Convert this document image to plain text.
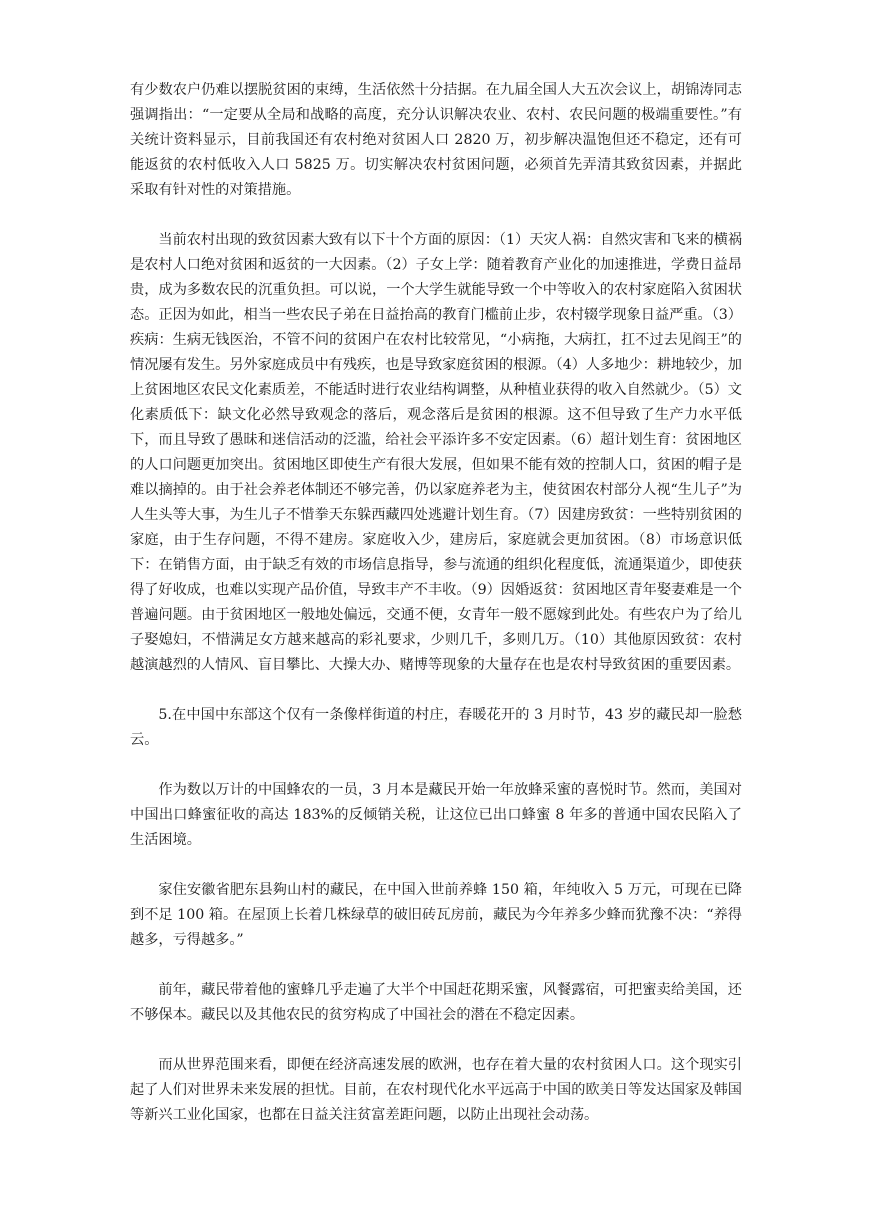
有少数农户仍难以摆脱贫困的束缚，生活依然十分拮据。在九届全国人大五次会议上，胡锦涛同志强调指出：“一定要从全局和战略的高度，充分认识解决农业、农村、农民问题的极端重要性。”有关统计资料显示，目前我国还有农村绝对贫困人口 2820 万，初步解决温饱但还不稳定，还有可能返贫的农村低收入人口 5825 万。切实解决农村贫困问题，必须首先弄清其致贫因素，并据此采取有针对性的对策措施。

当前农村出现的致贫因素大致有以下十个方面的原因：（1）天灾人祸：自然灾害和飞来的横祸是农村人口绝对贫困和返贫的一大因素。（2）子女上学：随着教育产业化的加速推进，学费日益昂贵，成为多数农民的沉重负担。可以说，一个大学生就能导致一个中等收入的农村家庭陷入贫困状态。正因为如此，相当一些农民子弟在日益抬高的教育门槛前止步，农村辍学现象日益严重。（3）疾病：生病无钱医治，不管不问的贫困户在农村比较常见，“小病拖，大病扛，扛不过去见阎王”的情况屡有发生。另外家庭成员中有残疾，也是导致家庭贫困的根源。（4）人多地少：耕地较少，加上贫困地区农民文化素质差，不能适时进行农业结构调整，从种植业获得的收入自然就少。（5）文化素质低下：缺文化必然导致观念的落后，观念落后是贫困的根源。这不但导致了生产力水平低下，而且导致了愚昧和迷信活动的泛滥，给社会平添许多不安定因素。（6）超计划生育：贫困地区的人口问题更加突出。贫困地区即使生产有很大发展，但如果不能有效的控制人口，贫困的帽子是难以摘掉的。由于社会养老体制还不够完善，仍以家庭养老为主，使贫困农村部分人视“生儿子”为人生头等大事，为生儿子不惜拳天东躲西藏四处逃避计划生育。（7）因建房致贫：一些特别贫困的家庭，由于生存问题，不得不建房。家庭收入少，建房后，家庭就会更加贫困。（8）市场意识低下：在销售方面，由于缺乏有效的市场信息指导，参与流通的组织化程度低，流通渠道少，即使获得了好收成，也难以实现产品价值，导致丰产不丰收。（9）因婚返贫：贫困地区青年娶妻难是一个普遍问题。由于贫困地区一般地处偏远，交通不便，女青年一般不愿嫁到此处。有些农户为了给儿子娶媳妇，不惜满足女方越来越高的彩礼要求，少则几千，多则几万。（10）其他原因致贫：农村越演越烈的人情风、盲目攀比、大操大办、赌博等现象的大量存在也是农村导致贫困的重要因素。

5.在中国中东部这个仅有一条像样街道的村庄，春暖花开的 3 月时节，43 岁的藏民却一脸愁云。

作为数以万计的中国蜂农的一员，3 月本是藏民开始一年放蜂采蜜的喜悦时节。然而，美国对中国出口蜂蜜征收的高达 183%的反倾销关税，让这位已出口蜂蜜 8 年多的普通中国农民陷入了生活困境。

家住安徽省肥东县夠山村的藏民，在中国入世前养蜂 150 箱，年纯收入 5 万元，可现在已降到不足 100 箱。在屋顶上长着几株绿草的破旧砖瓦房前，藏民为今年养多少蜂而犹豫不决：“养得越多，亏得越多。”

前年，藏民带着他的蜜蜂几乎走遍了大半个中国赶花期采蜜，风餐露宿，可把蜜卖给美国，还不够保本。藏民以及其他农民的贫穷构成了中国社会的潜在不稳定因素。

而从世界范围来看，即便在经济高速发展的欧洲，也存在着大量的农村贫困人口。这个现实引起了人们对世界未来发展的担忧。目前，在农村现代化水平远高于中国的欧美日等发达国家及韩国等新兴工业化国家，也都在日益关注贫富差距问题，以防止出现社会动荡。
